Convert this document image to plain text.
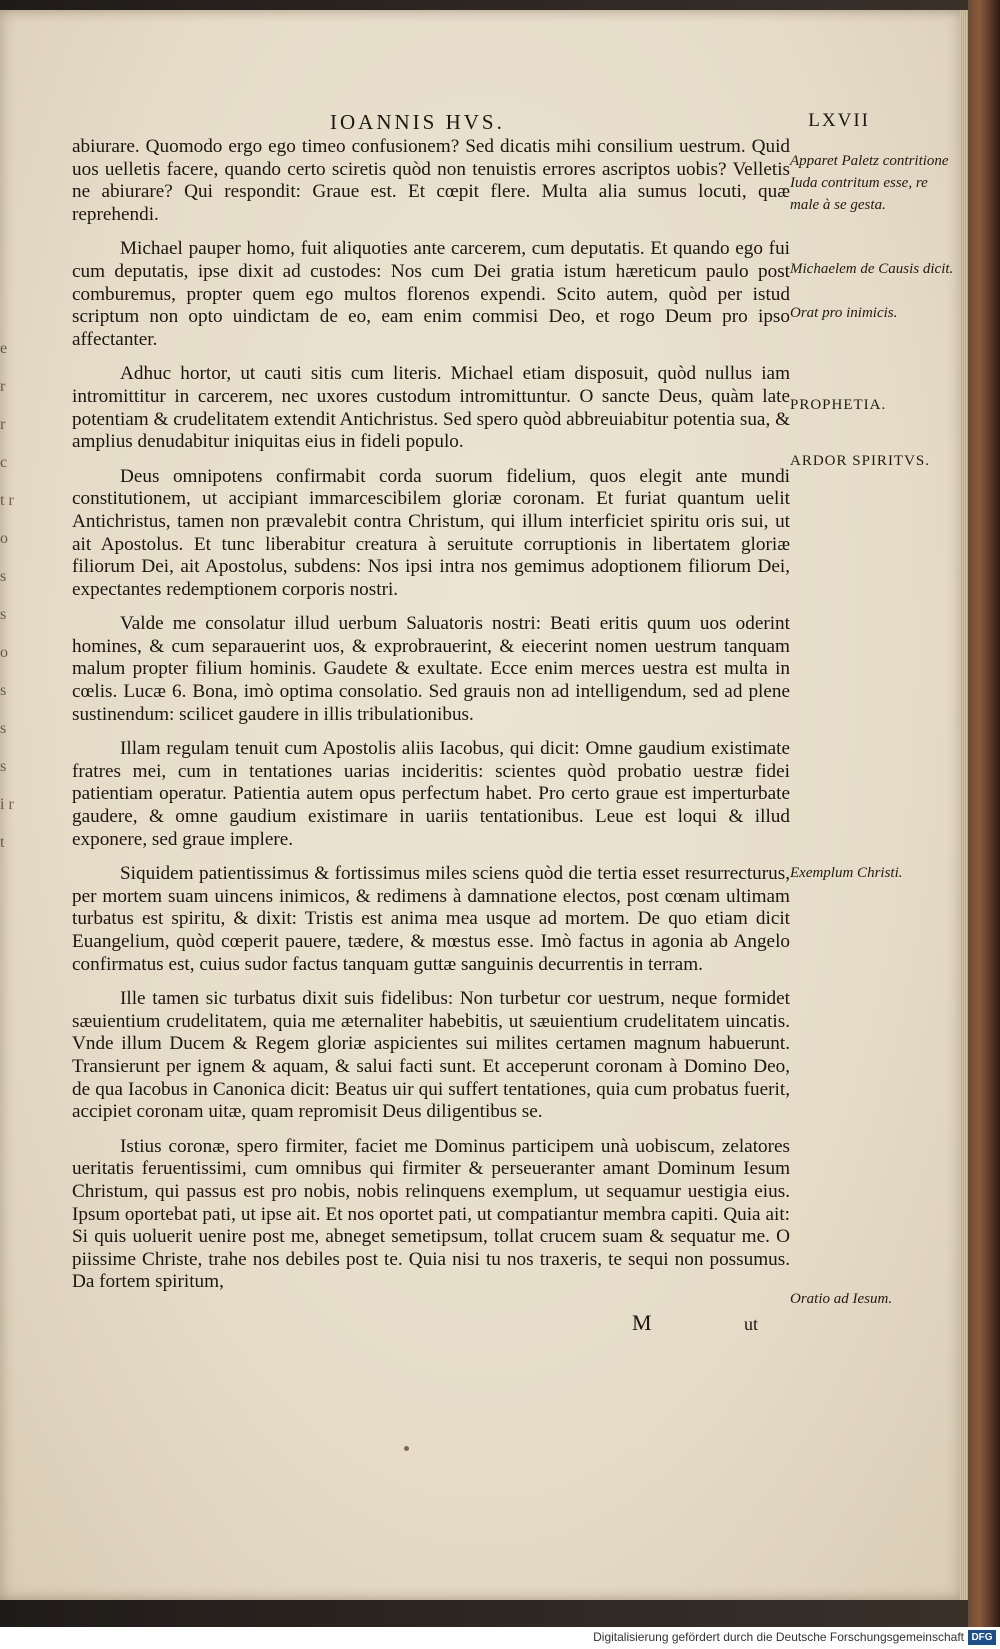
e r r c t r o s s o s s s i r t
IOANNIS HVS.	LXVII

abiurare. Quomodo ergo ego timeo confusionem? Sed dicatis mihi consilium uestrum. Quid uos uelletis facere, quando certo sciretis quòd non tenuistis errores ascriptos uobis? Velletis ne abiurare? Qui respondit: Graue est. Et cœpit flere. Multa alia sumus locuti, quæ reprehendi.

Michael pauper homo, fuit aliquoties ante carcerem, cum deputatis. Et quando ego fui cum deputatis, ipse dixit ad custodes: Nos cum Dei gratia istum hæreticum paulo post comburemus, propter quem ego multos florenos expendi. Scito autem, quòd per istud scriptum non opto uindictam de eo, eam enim commisi Deo, et rogo Deum pro ipso affectanter.

Adhuc hortor, ut cauti sitis cum literis. Michael etiam disposuit, quòd nullus iam intromittitur in carcerem, nec uxores custodum intromittuntur. O sancte Deus, quàm late potentiam & crudelitatem extendit Antichristus. Sed spero quòd abbreuiabitur potentia sua, & amplius denudabitur iniquitas eius in fideli populo.

Deus omnipotens confirmabit corda suorum fidelium, quos elegit ante mundi constitutionem, ut accipiant immarcescibilem gloriæ coronam. Et furiat quantum uelit Antichristus, tamen non prævalebit contra Christum, qui illum interficiet spiritu oris sui, ut ait Apostolus. Et tunc liberabitur creatura à seruitute corruptionis in libertatem gloriæ filiorum Dei, ait Apostolus, subdens: Nos ipsi intra nos gemimus adoptionem filiorum Dei, expectantes redemptionem corporis nostri.

Valde me consolatur illud uerbum Saluatoris nostri: Beati eritis quum uos oderint homines, & cum separauerint uos, & exprobrauerint, & eiecerint nomen uestrum tanquam malum propter filium hominis. Gaudete & exultate. Ecce enim merces uestra est multa in cœlis. Lucæ 6. Bona, imò optima consolatio. Sed grauis non ad intelligendum, sed ad plene sustinendum: scilicet gaudere in illis tribulationibus.

Illam regulam tenuit cum Apostolis aliis Iacobus, qui dicit: Omne gaudium existimate fratres mei, cum in tentationes uarias incideritis: scientes quòd probatio uestræ fidei patientiam operatur. Patientia autem opus perfectum habet. Pro certo graue est imperturbate gaudere, & omne gaudium existimare in uariis tentationibus. Leue est loqui & illud exponere, sed graue implere.

Siquidem patientissimus & fortissimus miles sciens quòd die tertia esset resurrecturus, per mortem suam uincens inimicos, & redimens à damnatione electos, post cœnam ultimam turbatus est spiritu, & dixit: Tristis est anima mea usque ad mortem. De quo etiam dicit Euangelium, quòd cœperit pauere, tædere, & mœstus esse. Imò factus in agonia ab Angelo confirmatus est, cuius sudor factus tanquam guttæ sanguinis decurrentis in terram.

Ille tamen sic turbatus dixit suis fidelibus: Non turbetur cor uestrum, neque formidet sæuientium crudelitatem, quia me æternaliter habebitis, ut sæuientium crudelitatem uincatis. Vnde illum Ducem & Regem gloriæ aspicientes sui milites certamen magnum habuerunt. Transierunt per ignem & aquam, & salui facti sunt. Et acceperunt coronam à Domino Deo, de qua Iacobus in Canonica dicit: Beatus uir qui suffert tentationes, quia cum probatus fuerit, accipiet coronam uitæ, quam repromisit Deus diligentibus se.

Istius coronæ, spero firmiter, faciet me Dominus participem unà uobiscum, zelatores ueritatis feruentissimi, cum omnibus qui firmiter & perseueranter amant Dominum Iesum Christum, qui passus est pro nobis, nobis relinquens exemplum, ut sequamur uestigia eius. Ipsum oportebat pati, ut ipse ait. Et nos oportet pati, ut compatiantur membra capiti. Quia ait: Si quis uoluerit uenire post me, abneget semetipsum, tollat crucem suam & sequatur me. O piissime Christe, trahe nos debiles post te. Quia nisi tu nos traxeris, te sequi non possumus. Da fortem spiritum,

Apparet Paletz contritione Iuda contritum esse, re male à se gesta.
Michaelem de Causis dicit.
Orat pro inimicis.
PROPHETIA.
ARDOR SPIRITVS.
Exemplum Christi.
Oratio ad Iesum.
M	ut
Digitalisierung gefördert durch die Deutsche Forschungsgemeinschaft DFG
